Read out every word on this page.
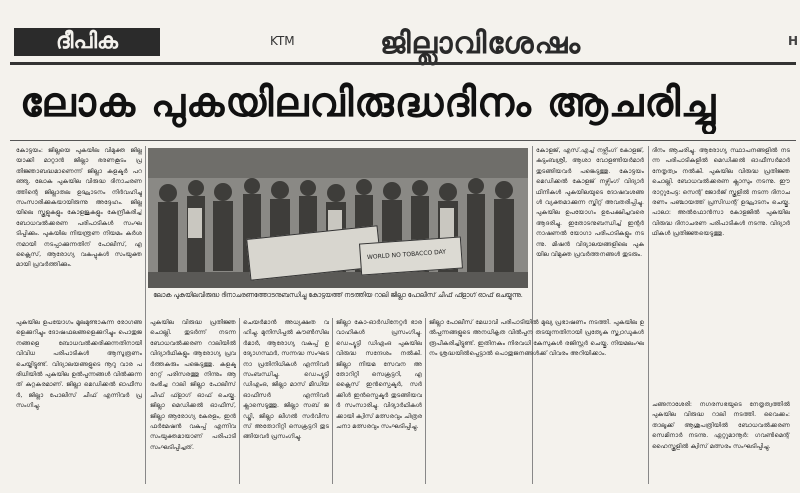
ദീപിക	KTM	ജില്ലാവിശേഷം	H
ലോക പുകയിലവിരുദ്ധദിനം ആചരിച്ചു
കോട്ടയം: ജില്ലയെ പുകയില വിമുക്ത ജില്ലയാക്കി മാറ്റാൻ ജില്ലാ ഭരണകൂടം പ്രതിജ്ഞാബദ്ധമാണെന്ന് ജില്ലാ കളക്ടർ പറഞ്ഞു. ലോക പുകയില വിരുദ്ധ ദിനാചരണത്തിന്റെ ജില്ലാതല ഉദ്ഘാടനം നിർവഹിച്ചു സംസാരിക്കുകയായിരുന്നു അദ്ദേഹം. ജില്ലയിലെ സ്കൂളുകളും കോളജുകളും കേന്ദ്രീകരിച്ച് ബോധവൽക്കരണ പരിപാടികൾ സംഘടിപ്പിക്കും. പുകയില നിയന്ത്രണ നിയമം കർശനമായി നടപ്പാക്കുന്നതിന് പോലീസ്, എക്സൈസ്, ആരോഗ്യ വകുപ്പുകൾ സംയുക്തമായി പ്രവർത്തിക്കും.
പുകയില ഉപയോഗം മൂലമുണ്ടാകുന്ന രോഗങ്ങളെക്കുറിച്ചും ദോഷഫലങ്ങളെക്കുറിച്ചും പൊതുജനങ്ങളെ ബോധവൽക്കരിക്കുന്നതിനായി വിവിധ പരിപാടികൾ ആസൂത്രണം ചെയ്തിട്ടുണ്ട്. വിദ്യാലയങ്ങളുടെ നൂറു വാര പരിധിയിൽ പുകയില ഉൽപ്പന്നങ്ങൾ വിൽക്കുന്നത് കുറ്റകരമാണ്. ജില്ലാ മെഡിക്കൽ ഓഫീസർ, ജില്ലാ പോലീസ് ചീഫ് എന്നിവർ പ്രസംഗിച്ചു.
WORLD NO TOBACCO DAY
ലോക പുകയിലവിരുദ്ധ ദിനാചരണത്തോടനുബന്ധിച്ചു കോട്ടയത്ത് നടത്തിയ റാലി ജില്ലാ പോലീസ് ചീഫ് ഫ്ളാഗ് ഓഫ് ചെയ്യുന്നു.
പുകയില വിരുദ്ധ പ്രതിജ്ഞ ചൊല്ലി. തുടർന്ന് നടന്ന ബോധവൽക്കരണ റാലിയിൽ വിദ്യാർഥികളും ആരോഗ്യ പ്രവർത്തകരും പങ്കെടുത്തു. കളക്ടറേറ്റ് പരിസരത്തു നിന്നും ആരംഭിച്ച റാലി ജില്ലാ പോലീസ് ചീഫ് ഫ്ളാഗ് ഓഫ് ചെയ്തു. ജില്ലാ മെഡിക്കൽ ഓഫീസ്, ജില്ലാ ആരോഗ്യ കേരളം, ഇൻഫർമേഷൻ വകുപ്പ് എന്നിവ സംയുക്തമായാണ് പരിപാടി സംഘടിപ്പിച്ചത്.
ചെയർമാൻ അധ്യക്ഷത വഹിച്ചു. മുനിസിപ്പൽ കൗൺസിലർമാർ, ആരോഗ്യ വകുപ്പ് ഉദ്യോഗസ്ഥർ, സന്നദ്ധ സംഘടനാ പ്രതിനിധികൾ എന്നിവർ സംബന്ധിച്ചു. ഡെപ്യൂട്ടി ഡിഎംഒ, ജില്ലാ മാസ് മീഡിയ ഓഫീസർ എന്നിവർ ക്ലാസെടുത്തു. ജില്ലാ സബ് ജഡ്ജി, ജില്ലാ ലീഗൽ സർവീസസ് അതോറിറ്റി സെക്രട്ടറി തുടങ്ങിയവർ പ്രസംഗിച്ചു.
ജില്ലാ കോ-ഓർഡിനേറ്റർ ഭാരവാഹികൾ പ്രസംഗിച്ചു. ഡെപ്യൂട്ടി ഡിഎംഒ പുകയില വിരുദ്ധ സന്ദേശം നൽകി. ജില്ലാ നിയമ സേവന അതോറിറ്റി സെക്രട്ടറി, എക്സൈസ് ഇൻസ്പെക്ടർ, സർക്കിൾ ഇൻസ്പെക്ടർ തുടങ്ങിയവർ സംസാരിച്ചു. വിദ്യാർഥികൾക്കായി ക്വിസ് മത്സരവും ചിത്രരചനാ മത്സരവും സംഘടിപ്പിച്ചു.
കോളജ്, എസ്.എച്ച് നഴ്സിംഗ് കോളജ്, കുടുംബശ്രീ, ആശാ വോളണ്ടിയർമാർ തുടങ്ങിയവർ പങ്കെടുത്തു. കോട്ടയം മെഡിക്കൽ കോളജ് നഴ്സിംഗ് വിദ്യാർഥിനികൾ പുകയിലയുടെ ദോഷവശങ്ങൾ വ്യക്തമാക്കുന്ന സ്കിറ്റ് അവതരിപ്പിച്ചു. പുകയില ഉപയോഗം ഉപേക്ഷിച്ചവരെ ആദരിച്ചു. ഇതോടനുബന്ധിച്ച് ഇന്റർനാഷണൽ യോഗാ പരിപാടികളും നടന്നു. മിഷൻ വിദ്യാലയങ്ങളിലെ പുകയില വിമുക്ത പ്രവർത്തനങ്ങൾ തുടരും.
ജില്ലാ പോലീസ് മേധാവി പരിപാടിയിൽ മുഖ്യ പ്രഭാഷണം നടത്തി. പുകയില ഉൽപ്പന്നങ്ങളുടെ അനധികൃത വിൽപ്പന തടയുന്നതിനായി പ്രത്യേക സ്ക്വാഡുകൾ രൂപീകരിച്ചിട്ടുണ്ട്. ഇതിനകം നിരവധി കേസുകൾ രജിസ്റ്റർ ചെയ്തു. നിയമലംഘനം ശ്രദ്ധയിൽപ്പെട്ടാൽ പൊതുജനങ്ങൾക്ക് വിവരം അറിയിക്കാം.
ദിനം ആചരിച്ചു. ആരോഗ്യ സ്ഥാപനങ്ങളിൽ നടന്ന പരിപാടികളിൽ മെഡിക്കൽ ഓഫീസർമാർ നേതൃത്വം നൽകി. പുകയില വിരുദ്ധ പ്രതിജ്ഞ ചൊല്ലി. ബോധവൽക്കരണ ക്ലാസും നടന്നു. ഈരാറ്റുപേട്ട: സെന്റ് ജോർജ് സ്കൂളിൽ നടന്ന ദിനാചരണം പഞ്ചായത്ത് പ്രസിഡന്റ് ഉദ്ഘാടനം ചെയ്തു. പാലാ: അൽഫോൻസാ കോളജിൽ പുകയില വിരുദ്ധ ദിനാചരണ പരിപാടികൾ നടന്നു. വിദ്യാർഥികൾ പ്രതിജ്ഞയെടുത്തു.
ചങ്ങനാശേരി: നഗരസഭയുടെ നേതൃത്വത്തിൽ പുകയില വിരുദ്ധ റാലി നടത്തി. വൈക്കം: താലൂക്ക് ആശുപത്രിയിൽ ബോധവൽക്കരണ സെമിനാർ നടന്നു. ഏറ്റുമാനൂർ: ഗവൺമെന്റ് ഹൈസ്കൂളിൽ ക്വിസ് മത്സരം സംഘടിപ്പിച്ചു.
